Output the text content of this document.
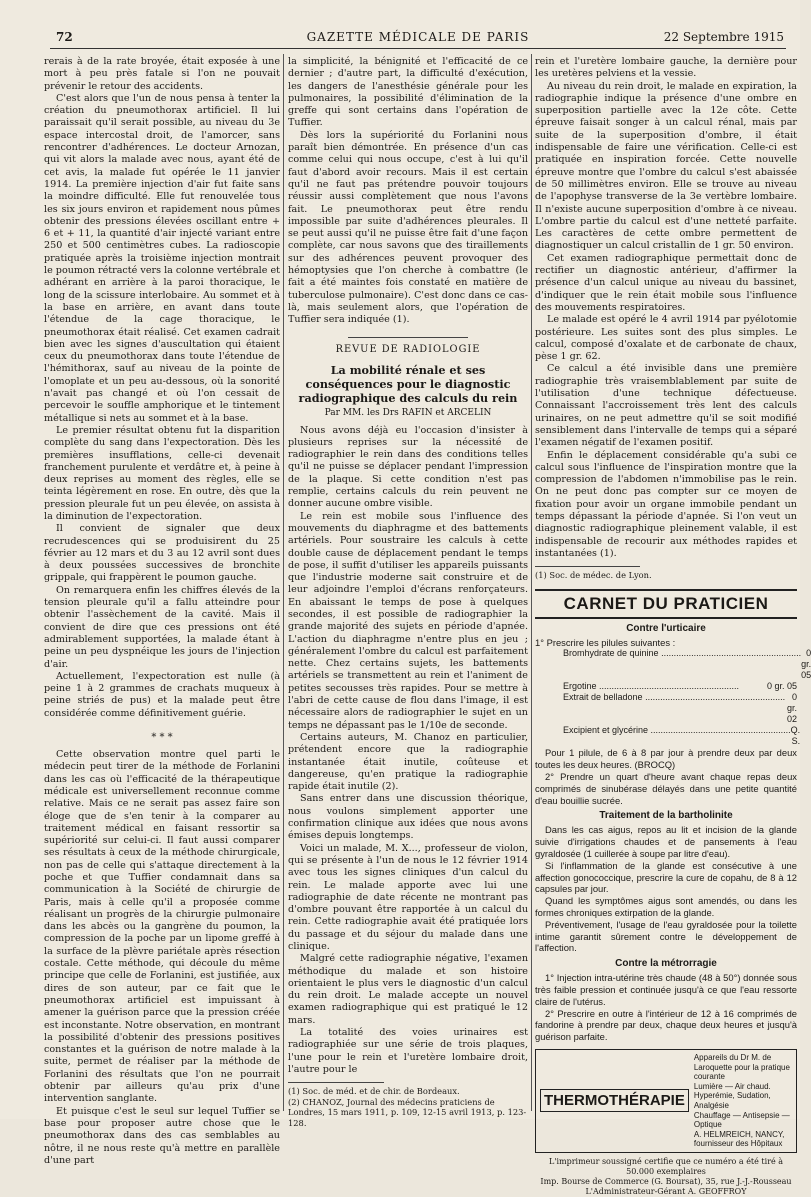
72	GAZETTE MÉDICALE DE PARIS	22 Septembre 1915

rerais à de la rate broyée, était exposée à une mort à peu près fatale si l'on ne pouvait prévenir le retour des accidents.

C'est alors que l'un de nous pensa à tenter la création du pneumothorax artificiel. Il lui paraissait qu'il serait possible, au niveau du 3e espace intercostal droit, de l'amorcer, sans rencontrer d'adhérences. Le docteur Arnozan, qui vit alors la malade avec nous, ayant été de cet avis, la malade fut opérée le 11 janvier 1914. La première injection d'air fut faite sans la moindre difficulté. Elle fut renouvelée tous les six jours environ et rapidement nous pûmes obtenir des pressions élevées oscillant entre + 6 et + 11, la quantité d'air injecté variant entre 250 et 500 centimètres cubes. La radioscopie pratiquée après la troisième injection montrait le poumon rétracté vers la colonne vertébrale et adhérant en arrière à la paroi thoracique, le long de la scissure interlobaire. Au sommet et à la base en arrière, en avant dans toute l'étendue de la cage thoracique, le pneumothorax était réalisé. Cet examen cadrait bien avec les signes d'auscultation qui étaient ceux du pneumothorax dans toute l'étendue de l'hémithorax, sauf au niveau de la pointe de l'omoplate et un peu au-dessous, où la sonorité n'avait pas changé et où l'on cessait de percevoir le souffle amphorique et le tintement métallique si nets au sommet et à la base.

Le premier résultat obtenu fut la disparition complète du sang dans l'expectoration. Dès les premières insufflations, celle-ci devenait franchement purulente et verdâtre et, à peine à deux reprises au moment des règles, elle se teinta légèrement en rose. En outre, dès que la pression pleurale fut un peu élevée, on assista à la diminution de l'expectoration.

Il convient de signaler que deux recrudescences qui se produisirent du 25 février au 12 mars et du 3 au 12 avril sont dues à deux poussées successives de bronchite grippale, qui frappèrent le poumon gauche.

On remarquera enfin les chiffres élevés de la tension pleurale qu'il a fallu atteindre pour obtenir l'assèchement de la cavité. Mais il convient de dire que ces pressions ont été admirablement supportées, la malade étant à peine un peu dyspnéique les jours de l'injection d'air.

Actuellement, l'expectoration est nulle (à peine 1 à 2 grammes de crachats muqueux à peine striés de pus) et la malade peut être considérée comme définitivement guérie.

* * *

Cette observation montre quel parti le médecin peut tirer de la méthode de Forlanini dans les cas où l'efficacité de la thérapeutique médicale est universellement reconnue comme relative. Mais ce ne serait pas assez faire son éloge que de s'en tenir à la comparer au traitement médical en faisant ressortir sa supériorité sur celui-ci. Il faut aussi comparer ses résultats à ceux de la méthode chirurgicale, non pas de celle qui s'attaque directement à la poche et que Tuffier condamnait dans sa communication à la Société de chirurgie de Paris, mais à celle qu'il a proposée comme réalisant un progrès de la chirurgie pulmonaire dans les abcès ou la gangrène du poumon, la compression de la poche par un lipome greffé à la surface de la plèvre pariétale après résection costale. Cette méthode, qui découle du même principe que celle de Forlanini, est justifiée, aux dires de son auteur, par ce fait que le pneumothorax artificiel est impuissant à amener la guérison parce que la pression créée est inconstante. Notre observation, en montrant la possibilité d'obtenir des pressions positives constantes et la guérison de notre malade à la suite, permet de réaliser par la méthode de Forlanini des résultats que l'on ne pourrait obtenir par ailleurs qu'au prix d'une intervention sanglante.

Et puisque c'est le seul sur lequel Tuffier se base pour proposer autre chose que le pneumothorax dans des cas semblables au nôtre, il ne nous reste qu'à mettre en parallèle d'une part

la simplicité, la bénignité et l'efficacité de ce dernier ; d'autre part, la difficulté d'exécution, les dangers de l'anesthésie générale pour les pulmonaires, la possibilité d'élimination de la greffe qui sont certains dans l'opération de Tuffier.

Dès lors la supériorité du Forlanini nous paraît bien démontrée. En présence d'un cas comme celui qui nous occupe, c'est à lui qu'il faut d'abord avoir recours. Mais il est certain qu'il ne faut pas prétendre pouvoir toujours réussir aussi complètement que nous l'avons fait. Le pneumothorax peut être rendu impossible par suite d'adhérences pleurales. Il se peut aussi qu'il ne puisse être fait d'une façon complète, car nous savons que des tiraillements sur des adhérences peuvent provoquer des hémoptysies que l'on cherche à combattre (le fait a été maintes fois constaté en matière de tuberculose pulmonaire). C'est donc dans ce cas-là, mais seulement alors, que l'opération de Tuffier sera indiquée (1).

REVUE DE RADIOLOGIE
La mobilité rénale et ses conséquences pour le diagnostic radiographique des calculs du rein
Par MM. les Drs RAFIN et ARCELIN

Nous avons déjà eu l'occasion d'insister à plusieurs reprises sur la nécessité de radiographier le rein dans des conditions telles qu'il ne puisse se déplacer pendant l'impression de la plaque. Si cette condition n'est pas remplie, certains calculs du rein peuvent ne donner aucune ombre visible.

Le rein est mobile sous l'influence des mouvements du diaphragme et des battements artériels. Pour soustraire les calculs à cette double cause de déplacement pendant le temps de pose, il suffit d'utiliser les appareils puissants que l'industrie moderne sait construire et de leur adjoindre l'emploi d'écrans renforçateurs. En abaissant le temps de pose à quelques secondes, il est possible de radiographier la grande majorité des sujets en période d'apnée. L'action du diaphragme n'entre plus en jeu ; généralement l'ombre du calcul est parfaitement nette. Chez certains sujets, les battements artériels se transmettent au rein et l'animent de petites secousses très rapides. Pour se mettre à l'abri de cette cause de flou dans l'image, il est nécessaire alors de radiographier le sujet en un temps ne dépassant pas le 1/10e de seconde.

Certains auteurs, M. Chanoz en particulier, prétendent encore que la radiographie instantanée était inutile, coûteuse et dangereuse, qu'en pratique la radiographie rapide était inutile (2).

Sans entrer dans une discussion théorique, nous voulons simplement apporter une confirmation clinique aux idées que nous avons émises depuis longtemps.

Voici un malade, M. X..., professeur de violon, qui se présente à l'un de nous le 12 février 1914 avec tous les signes cliniques d'un calcul du rein. Le malade apporte avec lui une radiographie de date récente ne montrant pas d'ombre pouvant être rapportée à un calcul du rein. Cette radiographie avait été pratiquée lors du passage et du séjour du malade dans une clinique.

Malgré cette radiographie négative, l'examen méthodique du malade et son histoire orientaient le plus vers le diagnostic d'un calcul du rein droit. Le malade accepte un nouvel examen radiographique qui est pratiqué le 12 mars.

La totalité des voies urinaires est radiographiée sur une série de trois plaques, l'une pour le rein et l'uretère lombaire droit, l'autre pour le

(1) Soc. de méd. et de chir. de Bordeaux.

(2) CHANOZ, Journal des médecins praticiens de Londres, 15 mars 1911, p. 109, 12-15 avril 1913, p. 123-128.

rein et l'uretère lombaire gauche, la dernière pour les uretères pelviens et la vessie.

Au niveau du rein droit, le malade en expiration, la radiographie indique la présence d'une ombre en superposition partielle avec la 12e côte. Cette épreuve faisait songer à un calcul rénal, mais par suite de la superposition d'ombre, il était indispensable de faire une vérification. Celle-ci est pratiquée en inspiration forcée. Cette nouvelle épreuve montre que l'ombre du calcul s'est abaissée de 50 millimètres environ. Elle se trouve au niveau de l'apophyse transverse de la 3e vertèbre lombaire. Il n'existe aucune superposition d'ombre à ce niveau. L'ombre partie du calcul est d'une netteté parfaite. Les caractères de cette ombre permettent de diagnostiquer un calcul cristallin de 1 gr. 50 environ.

Cet examen radiographique permettait donc de rectifier un diagnostic antérieur, d'affirmer la présence d'un calcul unique au niveau du bassinet, d'indiquer que le rein était mobile sous l'influence des mouvements respiratoires.

Le malade est opéré le 4 avril 1914 par pyélotomie postérieure. Les suites sont des plus simples. Le calcul, composé d'oxalate et de carbonate de chaux, pèse 1 gr. 62.

Ce calcul a été invisible dans une première radiographie très vraisemblablement par suite de l'utilisation d'une technique défectueuse. Connaissant l'accroissement très lent des calculs urinaires, on ne peut admettre qu'il se soit modifié sensiblement dans l'intervalle de temps qui a séparé l'examen négatif de l'examen positif.

Enfin le déplacement considérable qu'a subi ce calcul sous l'influence de l'inspiration montre que la compression de l'abdomen n'immobilise pas le rein. On ne peut donc pas compter sur ce moyen de fixation pour avoir un organe immobile pendant un temps dépassant la période d'apnée. Si l'on veut un diagnostic radiographique pleinement valable, il est indispensable de recourir aux méthodes rapides et instantanées (1).

(1) Soc. de médec. de Lyon.

CARNET DU PRATICIEN
Contre l'urticaire

1° Prescrire les pilules suivantes :

Bromhydrate de quinine .....	0 gr. 05
Ergotine .....	0 gr. 05
Extrait de belladone .....	0 gr. 02
Excipient et glycérine .....	Q. S.

Pour 1 pilule, de 6 à 8 par jour à prendre deux par deux toutes les deux heures. (BROCQ)

2° Prendre un quart d'heure avant chaque repas deux comprimés de sinubérase délayés dans une petite quantité d'eau bouillie sucrée.

Traitement de la bartholinite

Dans les cas aigus, repos au lit et incision de la glande suivie d'irrigations chaudes et de pansements à l'eau gyraldosée (1 cuillerée à soupe par litre d'eau).

Si l'inflammation de la glande est consécutive à une affection gonococcique, prescrire la cure de copahu, de 8 à 12 capsules par jour.

Quand les symptômes aigus sont amendés, ou dans les formes chroniques extirpation de la glande.

Préventivement, l'usage de l'eau gyraldosée pour la toilette intime garantit sûrement contre le développement de l'affection.

Contre la métrorragie

1° Injection intra-utérine très chaude (48 à 50°) donnée sous très faible pression et continuée jusqu'à ce que l'eau ressorte claire de l'utérus.

2° Prescrire en outre à l'intérieur de 12 à 16 comprimés de fandorine à prendre par deux, chaque deux heures et jusqu'à guérison parfaite.

THERMOTHÉRAPIE
Appareils du Dr M. de Laroquette pour la pratique courante
Lumière — Air chaud. Hyperémie, Sudation, Analgésie
Chauffage — Antisepsie — Optique
A. HELMREICH, NANCY, fournisseur des Hôpitaux

L'imprimeur soussigné certifie que ce numéro a été tiré à 50.000 exemplaires

Imp. Bourse de Commerce (G. Boursat), 35, rue J.-J.-Rousseau

L'Administrateur-Gérant A. GEOFFROY
